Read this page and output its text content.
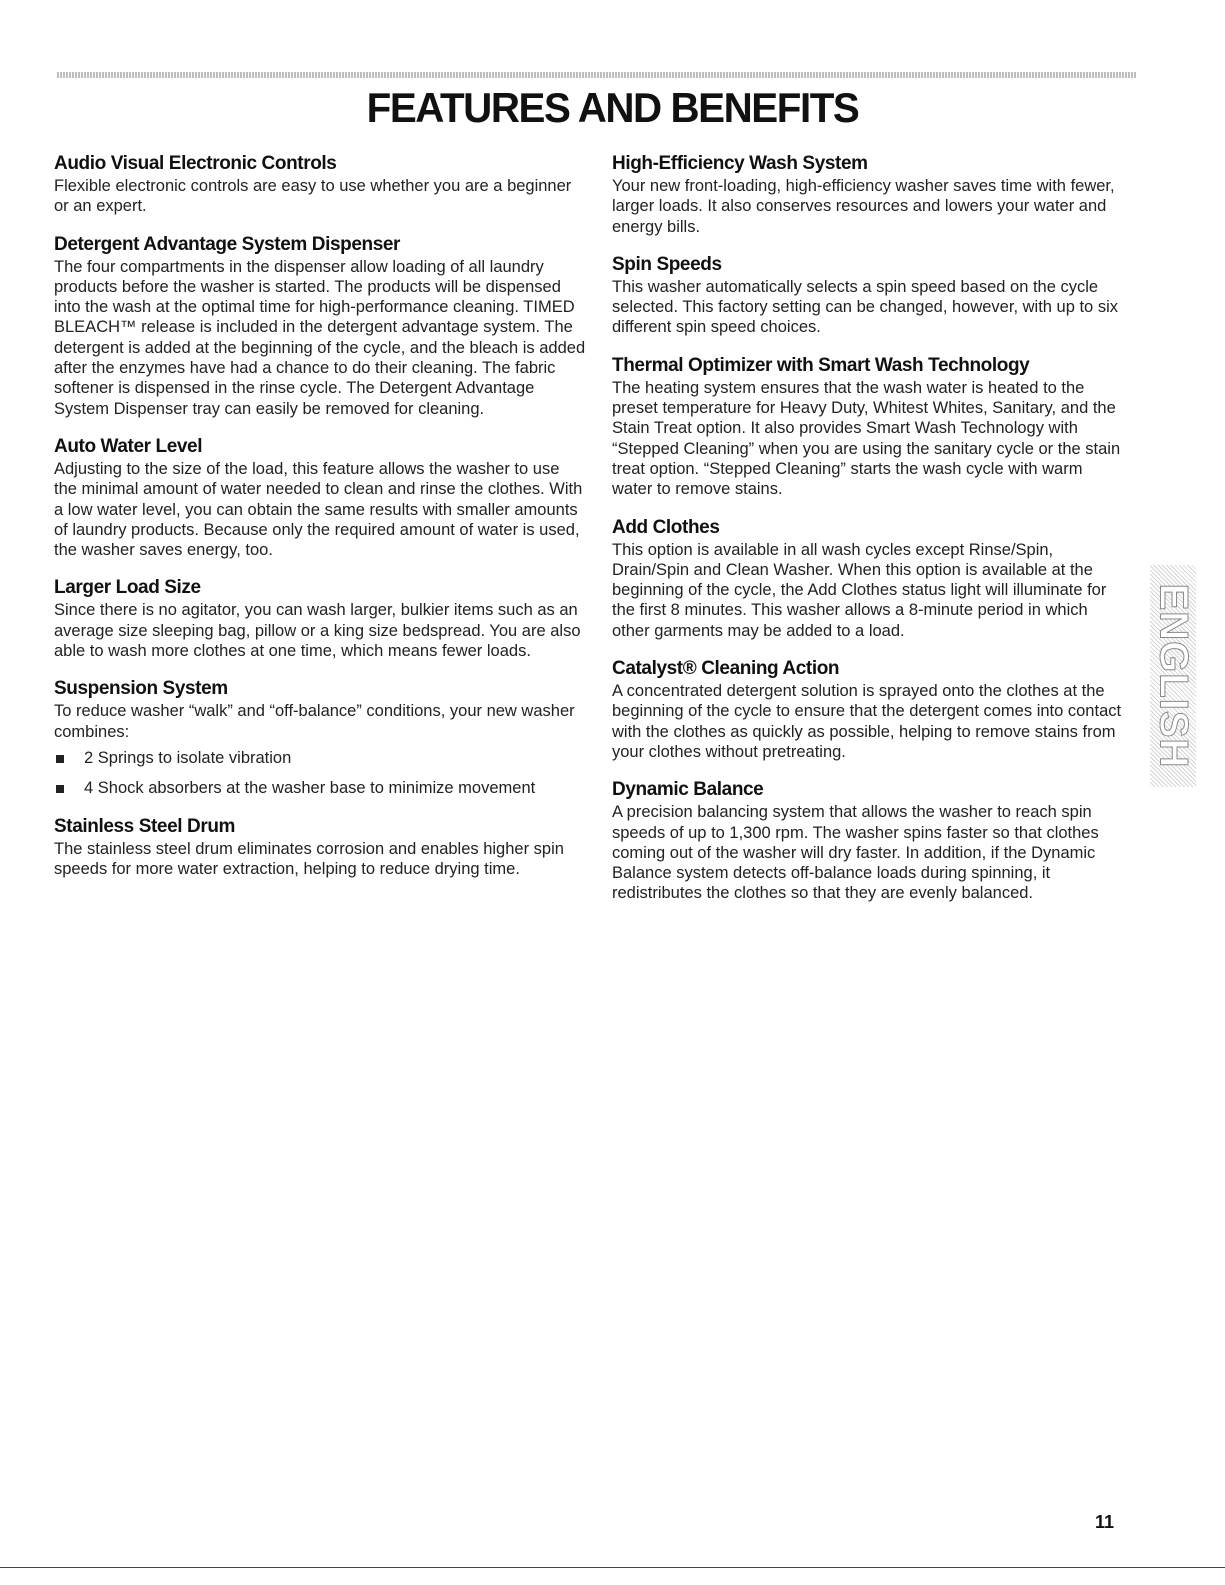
FEATURES AND BENEFITS
Audio Visual Electronic Controls
Flexible electronic controls are easy to use whether you are a beginner or an expert.
Detergent Advantage System Dispenser
The four compartments in the dispenser allow loading of all laundry products before the washer is started. The products will be dispensed into the wash at the optimal time for high-performance cleaning. TIMED BLEACH™ release is included in the detergent advantage system. The detergent is added at the beginning of the cycle, and the bleach is added after the enzymes have had a chance to do their cleaning. The fabric softener is dispensed in the rinse cycle. The Detergent Advantage System Dispenser tray can easily be removed for cleaning.
Auto Water Level
Adjusting to the size of the load, this feature allows the washer to use the minimal amount of water needed to clean and rinse the clothes. With a low water level, you can obtain the same results with smaller amounts of laundry products. Because only the required amount of water is used, the washer saves energy, too.
Larger Load Size
Since there is no agitator, you can wash larger, bulkier items such as an average size sleeping bag, pillow or a king size bedspread. You are also able to wash more clothes at one time, which means fewer loads.
Suspension System
To reduce washer “walk” and “off-balance” conditions, your new washer combines:
2 Springs to isolate vibration
4 Shock absorbers at the washer base to minimize movement
Stainless Steel Drum
The stainless steel drum eliminates corrosion and enables higher spin speeds for more water extraction, helping to reduce drying time.
High-Efficiency Wash System
Your new front-loading, high-efficiency washer saves time with fewer, larger loads. It also conserves resources and lowers your water and energy bills.
Spin Speeds
This washer automatically selects a spin speed based on the cycle selected. This factory setting can be changed, however, with up to six different spin speed choices.
Thermal Optimizer with Smart Wash Technology
The heating system ensures that the wash water is heated to the preset temperature for Heavy Duty, Whitest Whites, Sanitary, and the Stain Treat option. It also provides Smart Wash Technology with “Stepped Cleaning” when you are using the sanitary cycle or the stain treat option. “Stepped Cleaning” starts the wash cycle with warm water to remove stains.
Add Clothes
This option is available in all wash cycles except Rinse/Spin, Drain/Spin and Clean Washer. When this option is available at the beginning of the cycle, the Add Clothes status light will illuminate for the first 8 minutes. This washer allows a 8-minute period in which other garments may be added to a load.
Catalyst® Cleaning Action
A concentrated detergent solution is sprayed onto the clothes at the beginning of the cycle to ensure that the detergent comes into contact with the clothes as quickly as possible, helping to remove stains from your clothes without pretreating.
Dynamic Balance
A precision balancing system that allows the washer to reach spin speeds of up to 1,300 rpm. The washer spins faster so that clothes coming out of the washer will dry faster. In addition, if the Dynamic Balance system detects off-balance loads during spinning, it redistributes the clothes so that they are evenly balanced.
ENGLISH
11
